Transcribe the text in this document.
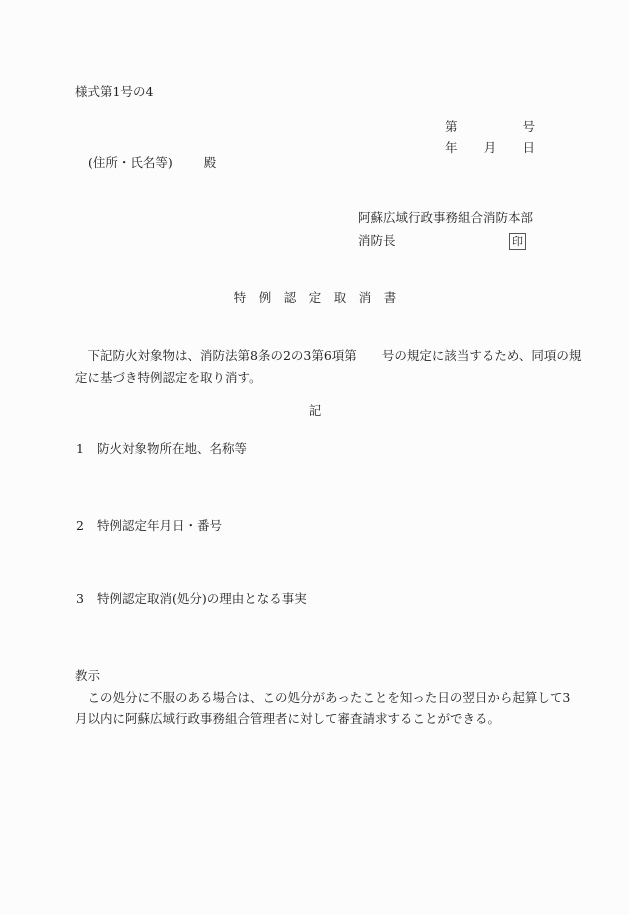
様式第1号の4
第	号
年 月 日
(住所・氏名等) 殿
阿蘇広域行政事務組合消防本部
消防長	印
特　例　認　定　取　消　書
　下記防火対象物は、消防法第8条の2の3第6項第　　号の規定に該当するため、同項の規定に基づき特例認定を取り消す。
記
1 防火対象物所在地、名称等
2 特例認定年月日・番号
3 特例認定取消(処分)の理由となる事実
教示
　この処分に不服のある場合は、この処分があったことを知った日の翌日から起算して3月以内に阿蘇広域行政事務組合管理者に対して審査請求することができる。
